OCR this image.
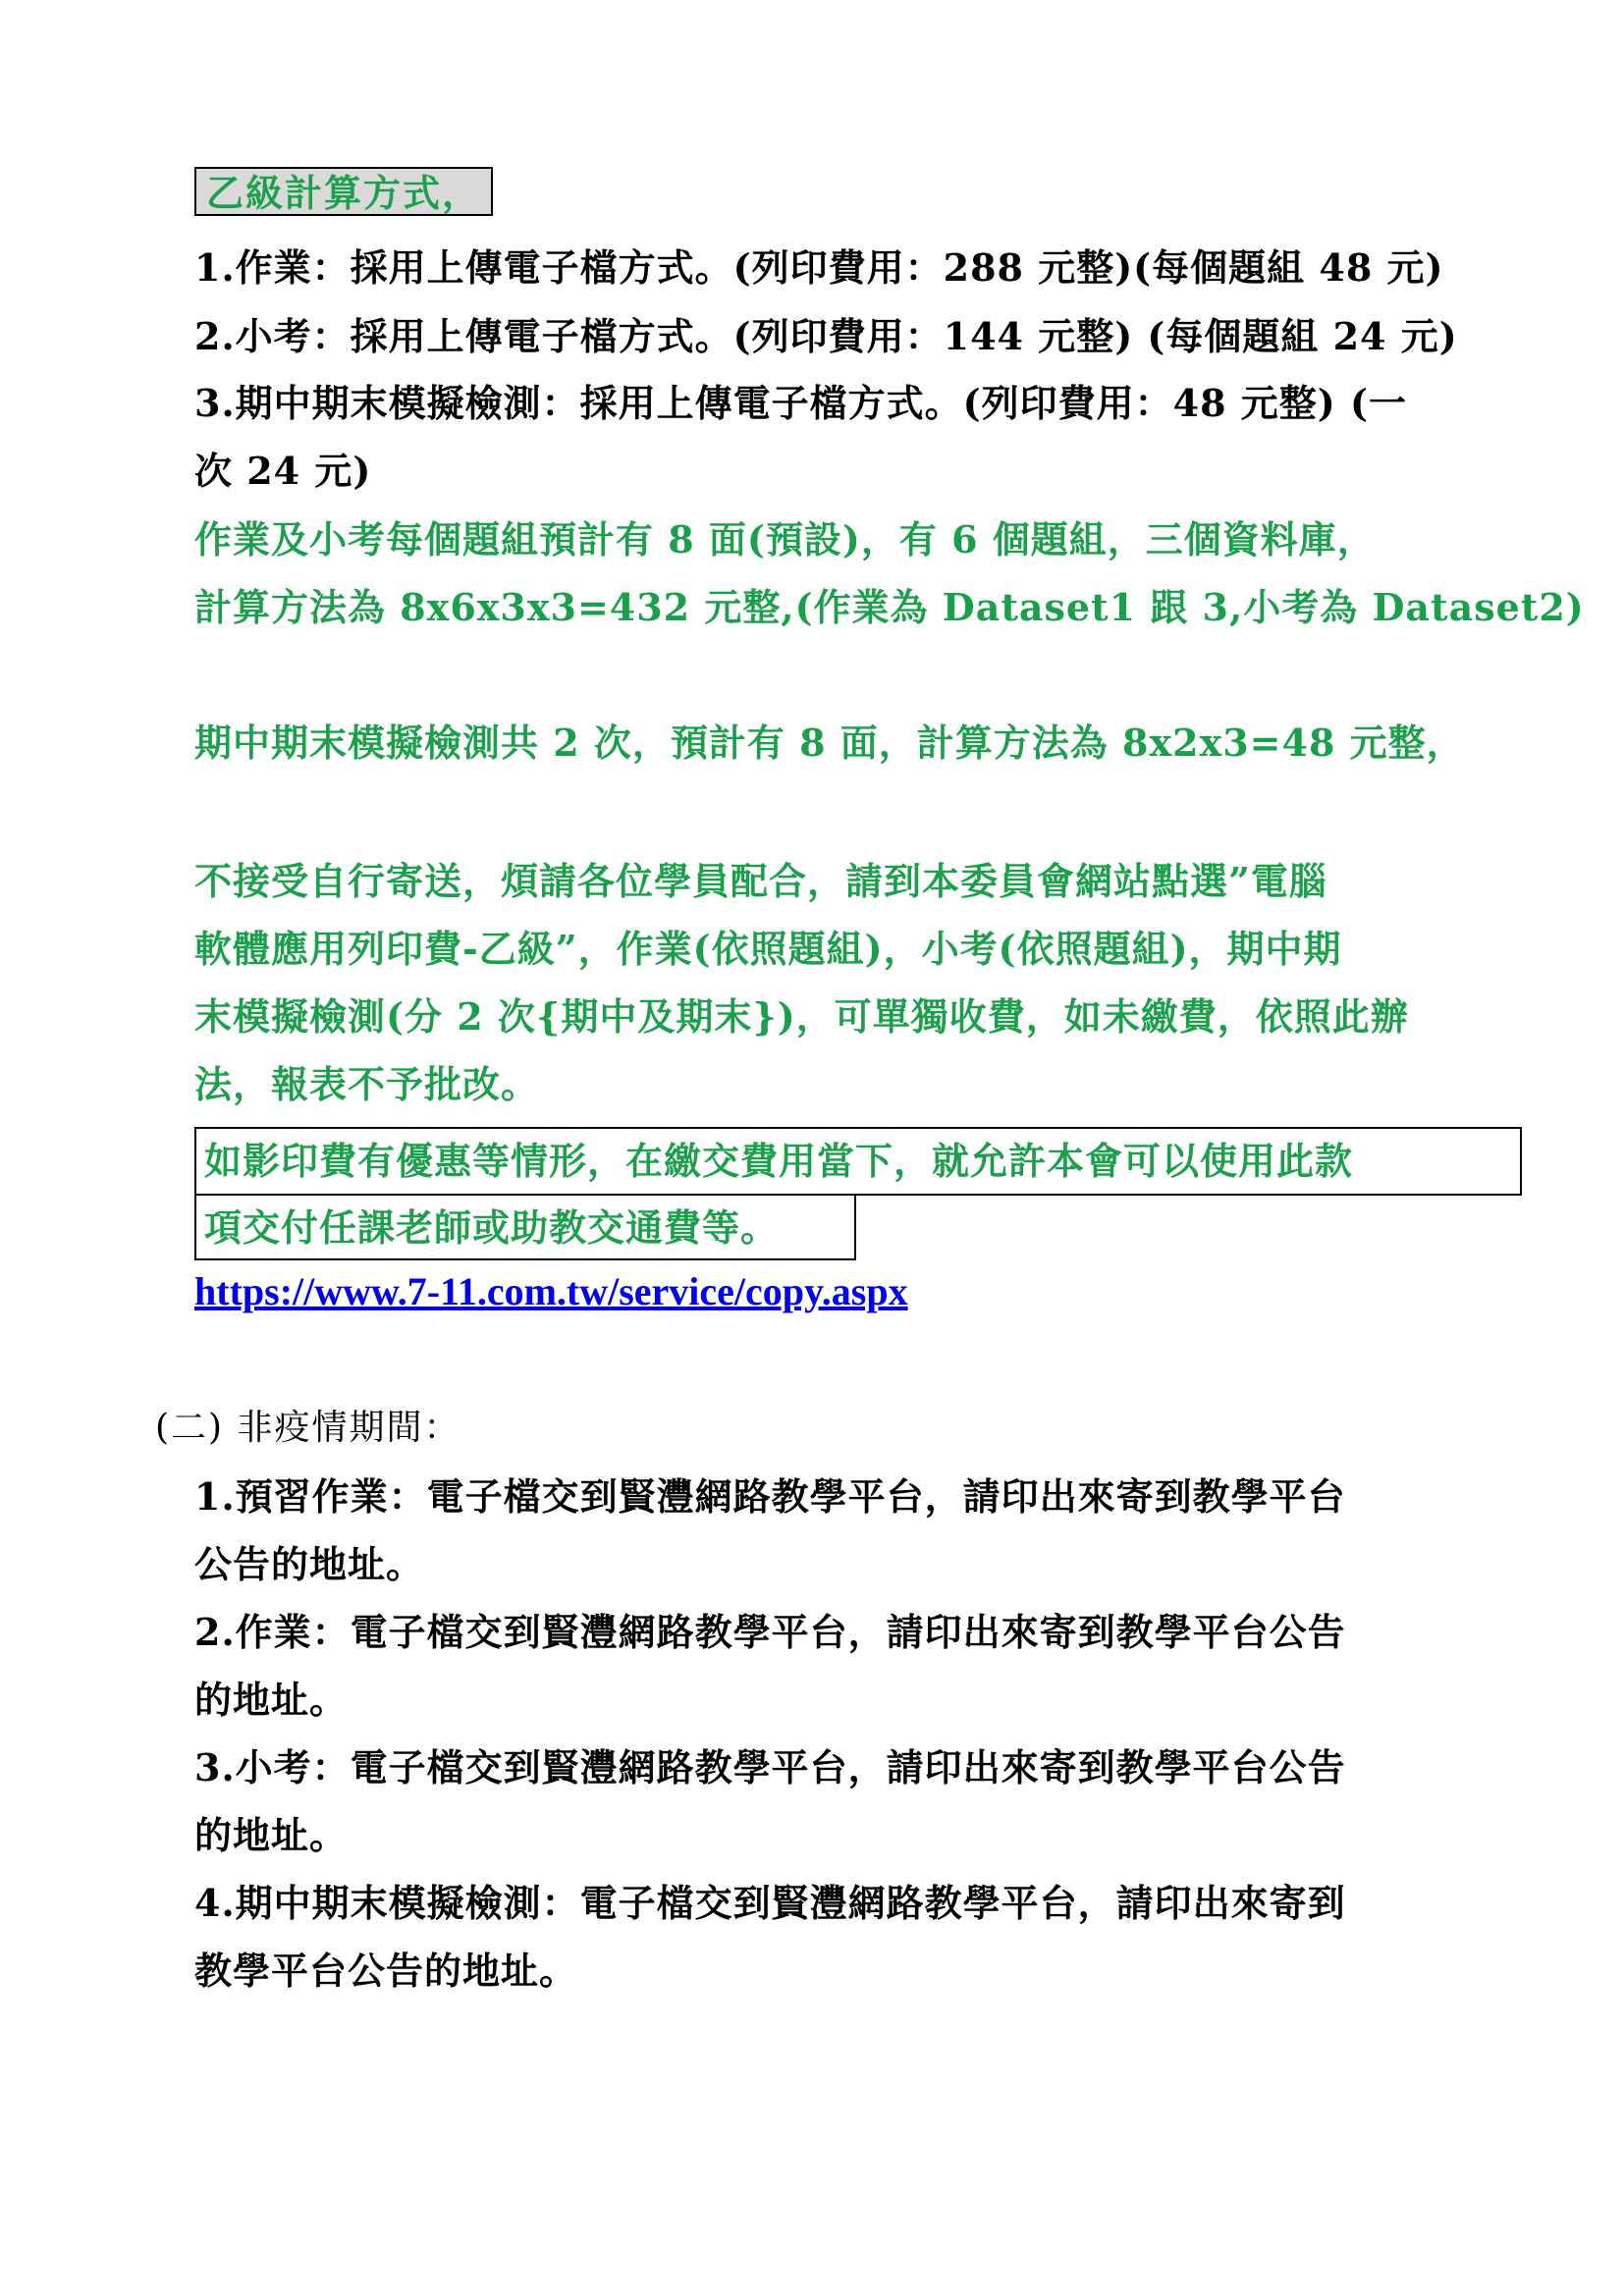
乙級計算方式，
1.作業：採用上傳電子檔方式。(列印費用：288 元整)(每個題組 48 元)
2.小考：採用上傳電子檔方式。(列印費用：144 元整) (每個題組 24 元)
3.期中期末模擬檢測：採用上傳電子檔方式。(列印費用：48 元整) (一
次 24 元)
作業及小考每個題組預計有 8 面(預設)，有 6 個題組，三個資料庫，
計算方法為 8x6x3x3=432 元整,(作業為 Dataset1 跟 3,小考為 Dataset2)
期中期末模擬檢測共 2 次，預計有 8 面，計算方法為 8x2x3=48 元整，
不接受自行寄送，煩請各位學員配合，請到本委員會網站點選”電腦
軟體應用列印費-乙級”，作業(依照題組)，小考(依照題組)，期中期
末模擬檢測(分 2 次{期中及期末})，可單獨收費，如未繳費，依照此辦
法，報表不予批改。
如影印費有優惠等情形，在繳交費用當下，就允許本會可以使用此款
項交付任課老師或助教交通費等。
https://www.7-11.com.tw/service/copy.aspx
(二) 非疫情期間：
1.預習作業：電子檔交到賢灃網路教學平台，請印出來寄到教學平台
公告的地址。
2.作業：電子檔交到賢灃網路教學平台，請印出來寄到教學平台公告
的地址。
3.小考：電子檔交到賢灃網路教學平台，請印出來寄到教學平台公告
的地址。
4.期中期末模擬檢測：電子檔交到賢灃網路教學平台，請印出來寄到
教學平台公告的地址。
